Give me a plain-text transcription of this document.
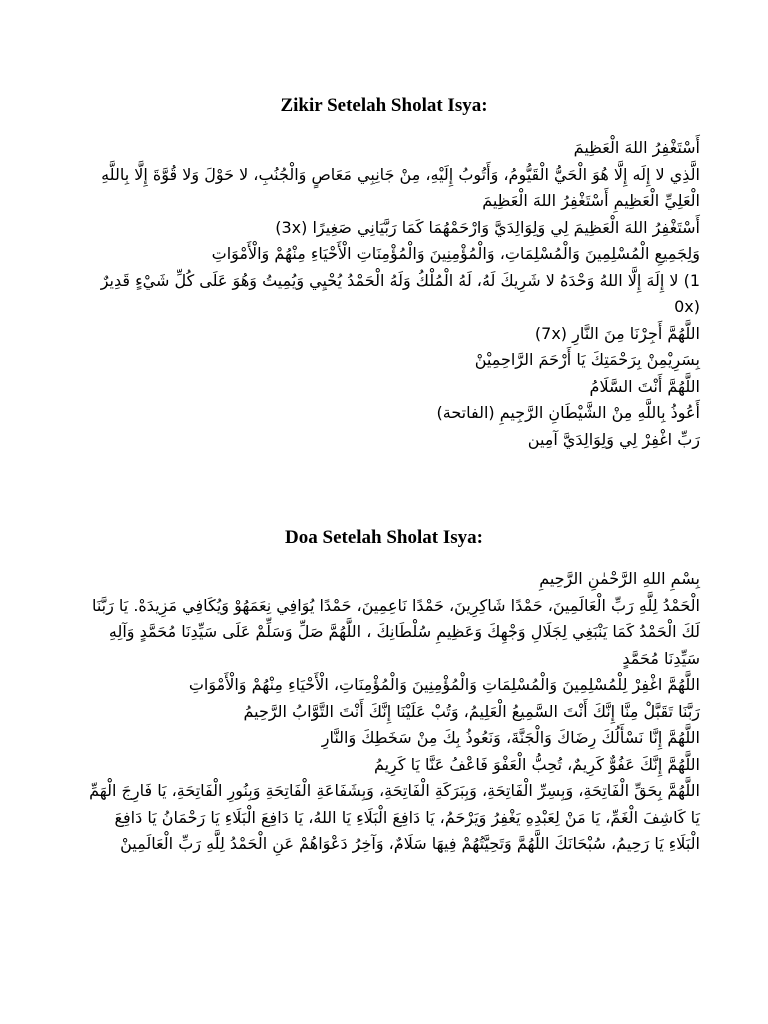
Zikir Setelah Sholat Isya:
أَسْتَغْفِرُ اللهَ الْعَظِيمَ
الَّذِي لا إِلَه إِلَّا هُوَ الْحَيُّ الْقَيُّومُ، وَأَتُوبُ إِلَيْهِ، مِنْ جَانِبِي مَعَاصٍ وَالْجُنُبِ، لا حَوْلَ وَلا قُوَّةَ إِلَّا بِاللَّهِ
الْعَلِيِّ الْعَظِيمِ أَسْتَغْفِرُ اللهَ الْعَظِيمَ
(3x) أَسْتَغْفِرُ اللهَ الْعَظِيمَ لِي وَلِوَالِدَيَّ وَارْحَمْهُمَا كَمَا رَبَّيَانِي صَغِيرًا
وَلِجَمِيعِ الْمُسْلِمِينَ وَالْمُسْلِمَاتِ، وَالْمُؤْمِنِينَ وَالْمُؤْمِنَاتِ الْأَحْيَاءِ مِنْهُمْ وَالْأَمْوَاتِ
1) لا إِلَهَ إِلَّا اللهُ وَحْدَهُ لا شَرِيكَ لَهُ، لَهُ الْمُلْكُ وَلَهُ الْحَمْدُ يُحْيِي وَيُمِيتُ وَهُوَ عَلَى كُلِّ شَيْءٍ قَدِيرٌ
0x)‎
(7x) اللَّهُمَّ أَجِرْنَا مِنَ النَّارِ
بِسَرِيْمِنْ بِرَحْمَتِكَ يَا أَرْحَمَ الرَّاحِمِيْنْ
اللَّهُمَّ أَنْتَ السَّلَامُ
أَعُوذُ بِاللَّهِ مِنْ الشَّيْطَانِ الرَّجِيمِ (الفاتحة)
رَبِّ اغْفِرْ لِي وَلِوَالِدَيَّ آمِين
Doa Setelah Sholat Isya:
بِسْمِ اللهِ الرَّحْمٰنِ الرَّحِيمِ
الْحَمْدُ لِلَّهِ رَبِّ الْعَالَمِينَ، حَمْدًا شَاكِرِينَ، حَمْدًا نَاعِمِينَ، حَمْدًا يُوَافِي نِعَمَهُوْ وَيُكَافِي مَزِيدَهْ. يَا رَبَّنَا
لَكَ الْحَمْدُ كَمَا يَنْبَغِي لِجَلَالِ وَجْهِكَ وَعَظِيمِ سُلْطَانِكَ ، اللَّهُمَّ صَلِّ وَسَلِّمْ عَلَى سَيِّدِنَا مُحَمَّدٍ وَآلِهِ
سَيِّدِنَا مُحَمَّدٍ
اللَّهُمَّ اغْفِرْ لِلْمُسْلِمِينَ وَالْمُسْلِمَاتِ وَالْمُؤْمِنِينَ وَالْمُؤْمِنَاتِ، الْأَحْيَاءِ مِنْهُمْ وَالْأَمْوَاتِ
رَبَّنَا تَقَبَّلْ مِنَّا إِنَّكَ أَنْتَ السَّمِيعُ الْعَلِيمُ، وَتُبْ عَلَيْنَا إِنَّكَ أَنْتَ التَّوَّابُ الرَّحِيمُ
اللَّهُمَّ إِنَّا نَسْأَلُكَ رِضَاكَ وَالْجَنَّةَ، وَنَعُوذُ بِكَ مِنْ سَخَطِكَ وَالنَّارِ
اللَّهُمَّ إِنَّكَ عَفُوٌّ كَرِيمٌ، تُحِبُّ الْعَفْوَ فَاعْفُ عَنَّا يَا كَرِيمُ
اللَّهُمَّ بِحَقِّ الْفَاتِحَةِ، وَبِسِرِّ الْفَاتِحَةِ، وَبِبَرَكَةِ الْفَاتِحَةِ، وَبِشَفَاعَةِ الْفَاتِحَةِ وَبِنُورِ الْفَاتِحَةِ، يَا فَارِجَ الْهَمِّ
يَا كَاشِفَ الْغَمِّ، يَا مَنْ لِعَبْدِهِ يَغْفِرُ وَيَرْحَمُ، يَا دَافِعَ الْبَلَاءِ يَا اللهُ، يَا دَافِعَ الْبَلَاءِ يَا رَحْمَانُ يَا دَافِعَ
الْبَلَاءِ يَا رَحِيمُ، سُبْحَانَكَ اللَّهُمَّ وَتَحِيَّتُهُمْ فِيهَا سَلَامٌ، وَآخِرُ دَعْوَاهُمْ عَنِ الْحَمْدُ لِلَّهِ رَبِّ الْعَالَمِينْ
